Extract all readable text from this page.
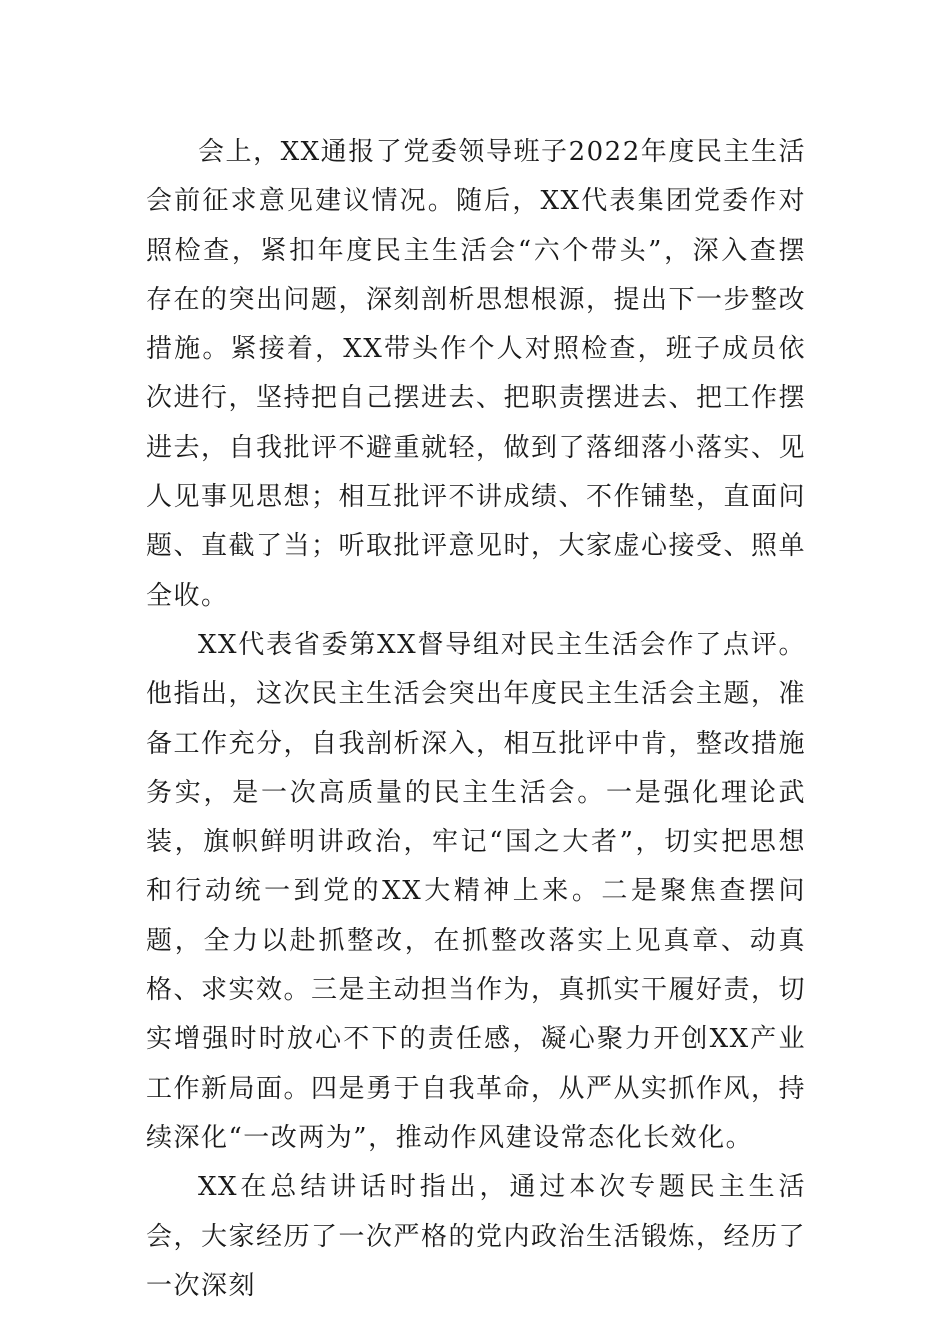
会上，XX通报了党委领导班子2022年度民主生活会前征求意见建议情况。随后，XX代表集团党委作对照检查，紧扣年度民主生活会“六个带头”，深入查摆存在的突出问题，深刻剖析思想根源，提出下一步整改措施。紧接着，XX带头作个人对照检查，班子成员依次进行，坚持把自己摆进去、把职责摆进去、把工作摆进去，自我批评不避重就轻，做到了落细落小落实、见人见事见思想；相互批评不讲成绩、不作铺垫，直面问题、直截了当；听取批评意见时，大家虚心接受、照单全收。

XX代表省委第XX督导组对民主生活会作了点评。他指出，这次民主生活会突出年度民主生活会主题，准备工作充分，自我剖析深入，相互批评中肯，整改措施务实，是一次高质量的民主生活会。一是强化理论武装，旗帜鲜明讲政治，牢记“国之大者”，切实把思想和行动统一到党的XX大精神上来。二是聚焦查摆问题，全力以赴抓整改，在抓整改落实上见真章、动真格、求实效。三是主动担当作为，真抓实干履好责，切实增强时时放心不下的责任感，凝心聚力开创XX产业工作新局面。四是勇于自我革命，从严从实抓作风，持续深化“一改两为”，推动作风建设常态化长效化。

XX在总结讲话时指出，通过本次专题民主生活会，大家经历了一次严格的党内政治生活锻炼，经历了一次深刻
